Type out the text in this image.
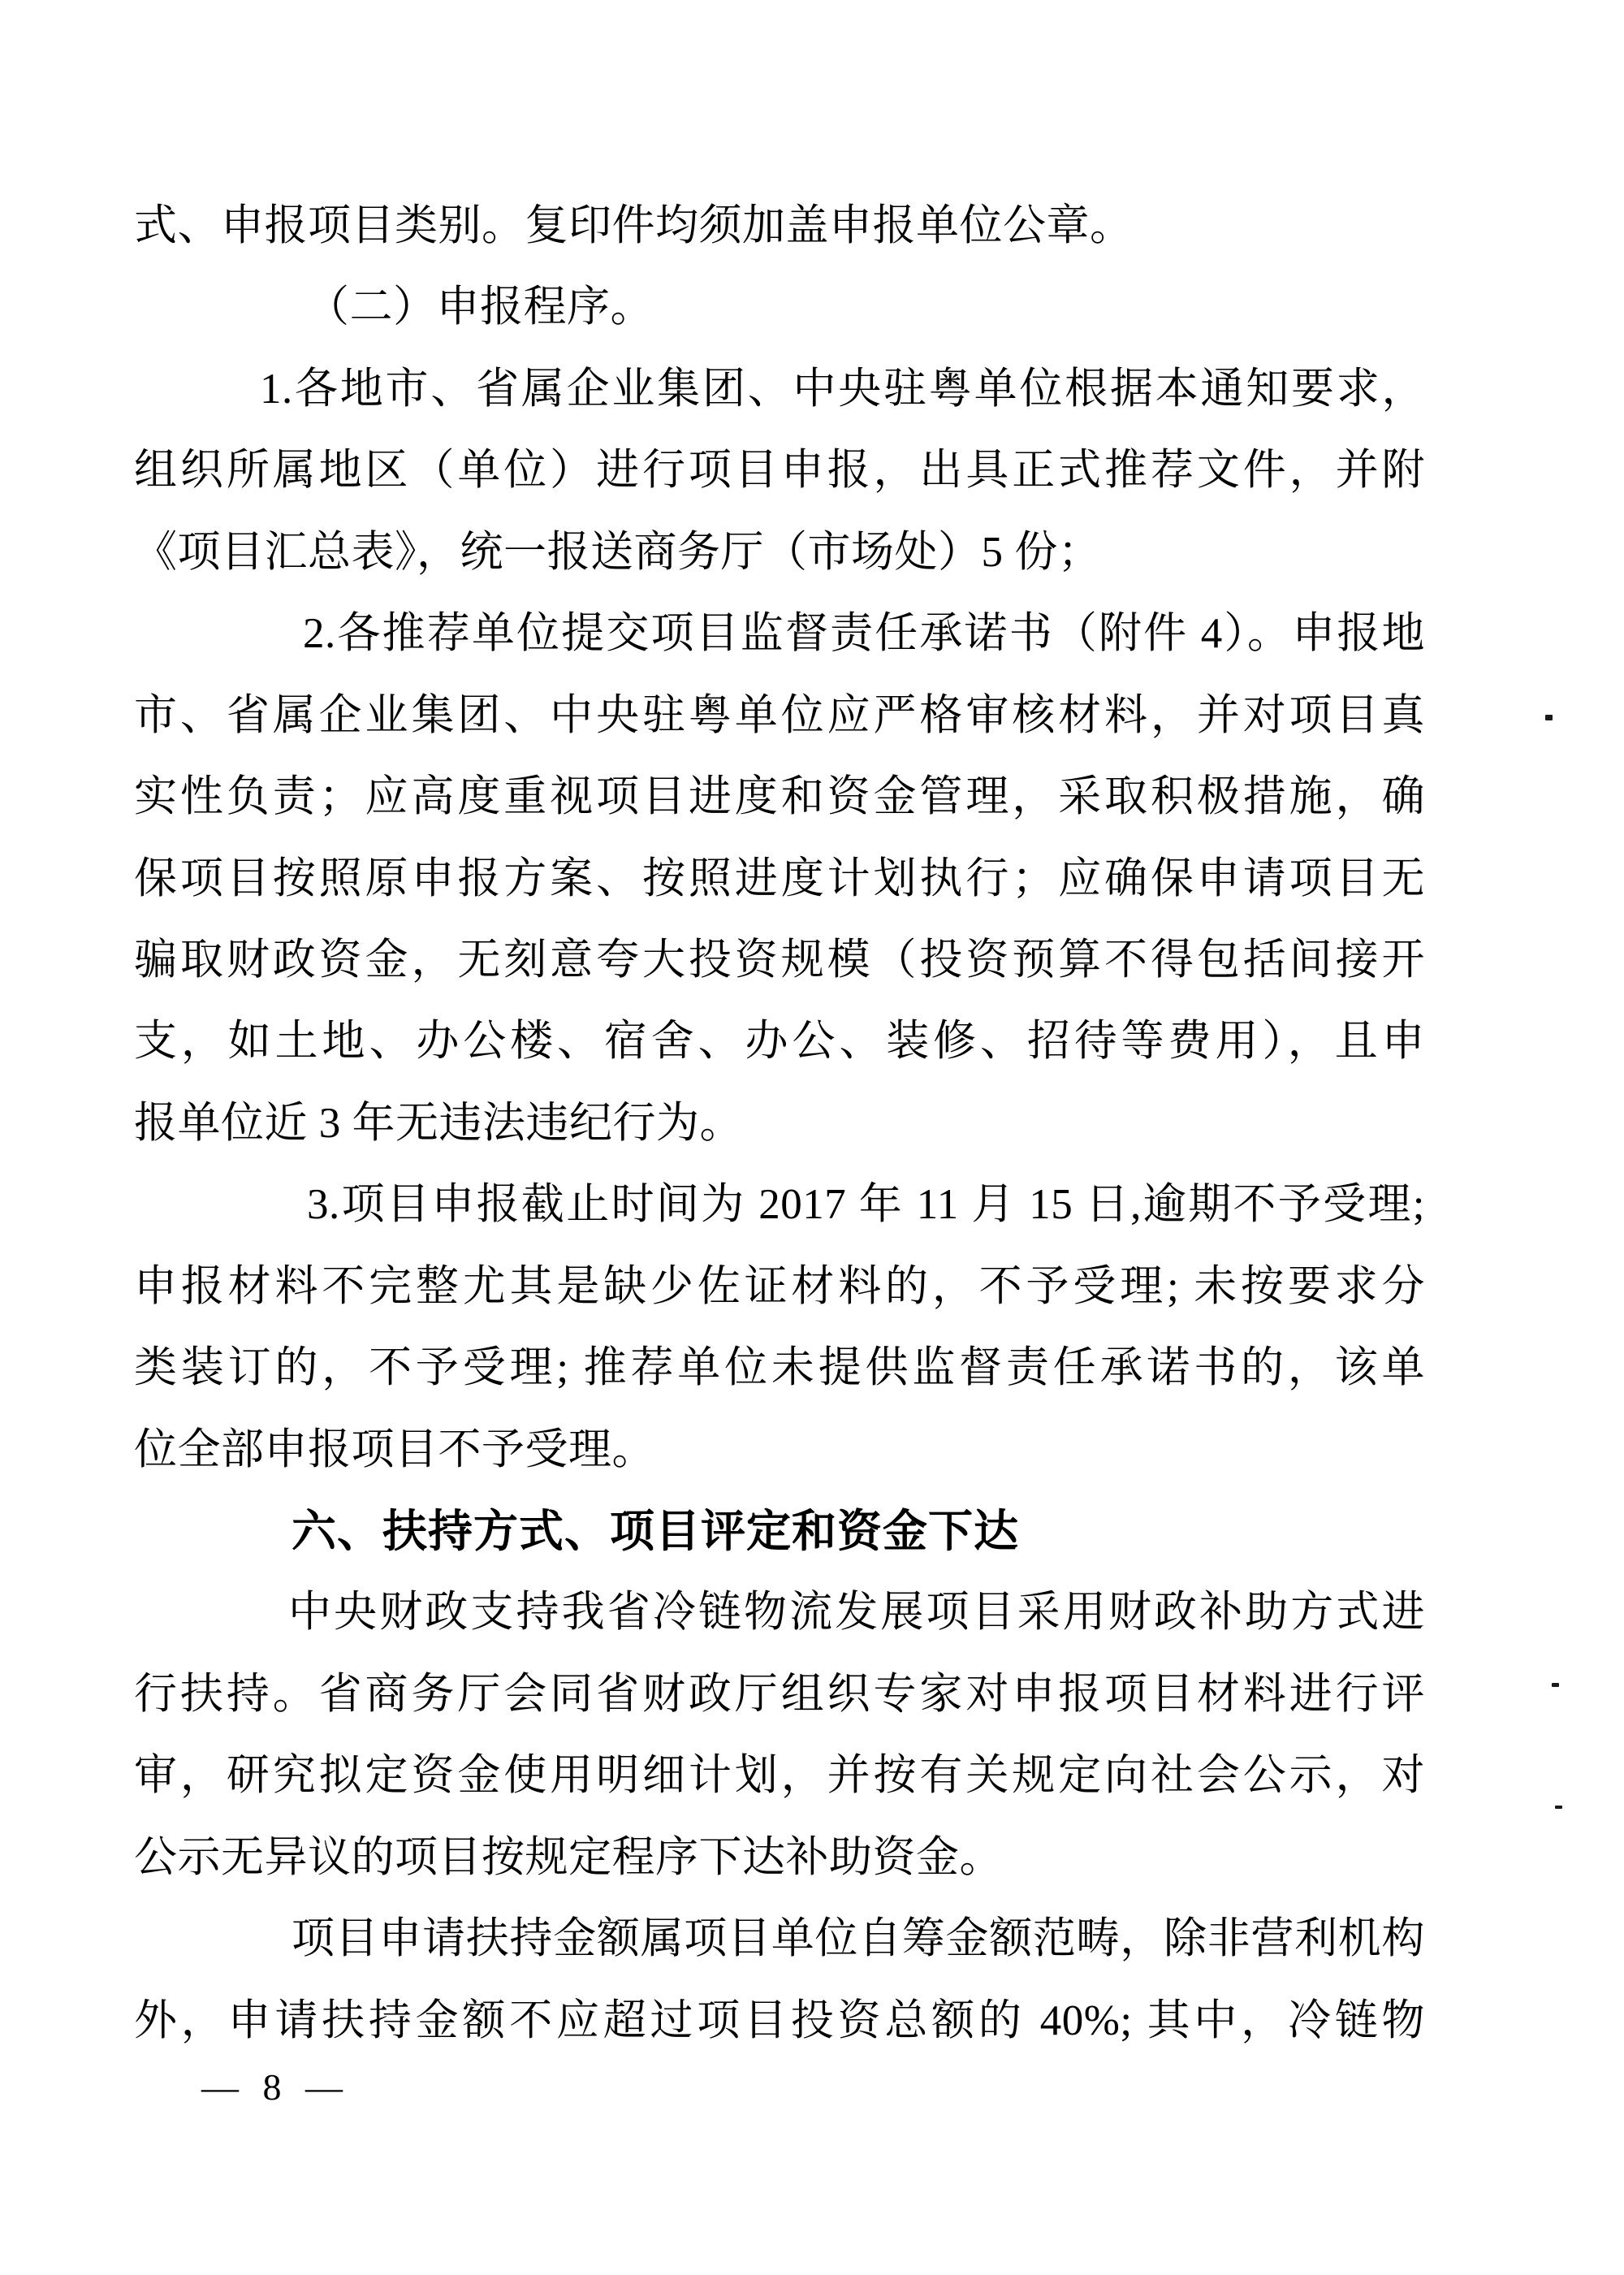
式、申报项目类别。复印件均须加盖申报单位公章。
（二）申报程序。
1.各地市、省属企业集团、中央驻粤单位根据本通知要求，
组织所属地区（单位）进行项目申报，出具正式推荐文件，并附
《项目汇总表》，统一报送商务厅（市场处）5 份；
2.各推荐单位提交项目监督责任承诺书（附件 4）。申报地
市、省属企业集团、中央驻粤单位应严格审核材料，并对项目真
实性负责；应高度重视项目进度和资金管理，采取积极措施，确
保项目按照原申报方案、按照进度计划执行；应确保申请项目无
骗取财政资金，无刻意夸大投资规模（投资预算不得包括间接开
支，如土地、办公楼、宿舍、办公、装修、招待等费用），且申
报单位近 3 年无违法违纪行为。
3.项目申报截止时间为 2017 年 11 月 15 日,逾期不予受理;
申报材料不完整尤其是缺少佐证材料的，不予受理; 未按要求分
类装订的，不予受理; 推荐单位未提供监督责任承诺书的，该单
位全部申报项目不予受理。
六、扶持方式、项目评定和资金下达
中央财政支持我省冷链物流发展项目采用财政补助方式进
行扶持。省商务厅会同省财政厅组织专家对申报项目材料进行评
审，研究拟定资金使用明细计划，并按有关规定向社会公示，对
公示无异议的项目按规定程序下达补助资金。
项目申请扶持金额属项目单位自筹金额范畴，除非营利机构
外，申请扶持金额不应超过项目投资总额的 40%; 其中，冷链物
— 8 —
